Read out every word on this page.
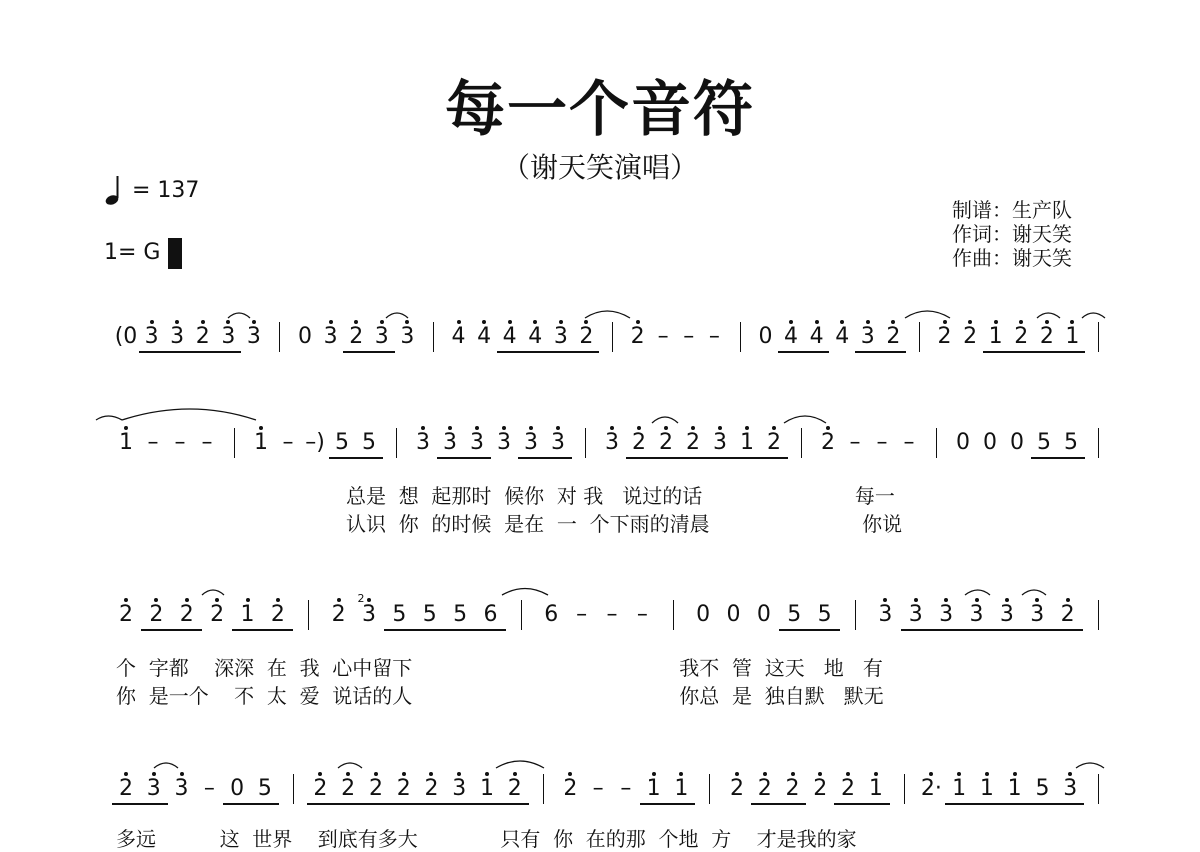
每一个音符
（谢天笑演唱）
= 137
1= G
制谱：生产队
作词：谢天笑
作曲：谢天笑
(0 3 3 2 3 3 0 3 2 3 3 4 4 4 4 3 2 2 – – – 0 4 4 4 3 2 2 2 1 2 2 1
1 – – – 1 – –) 5 5 3 3 3 3 3 3 3 2 2 2 3 1 2 2 – – – 0 0 0 5 5
总是  想  起那时  候你  对 我   说过的话                        每一
认识  你  的时候  是在  一  个下雨的清晨                        你说
2 2 2 2 1 2 2 3
2
5 5 5 6 6 – – – 0 0 0 5 5 3 3 3 3 3 3 2
个  字都    深深  在  我  心中留下                                          我不  管  这天   地   有
你  是一个    不  太  爱  说话的人                                          你总  是  独自默   默无
2 3 3 – 0 5 2 2 2 2 2 3 1 2 2 – – 1 1 2 2 2 2 2 1 2· 1 1 1 5 3
多远          这  世界    到底有多大             只有  你  在的那  个地  方    才是我的家
